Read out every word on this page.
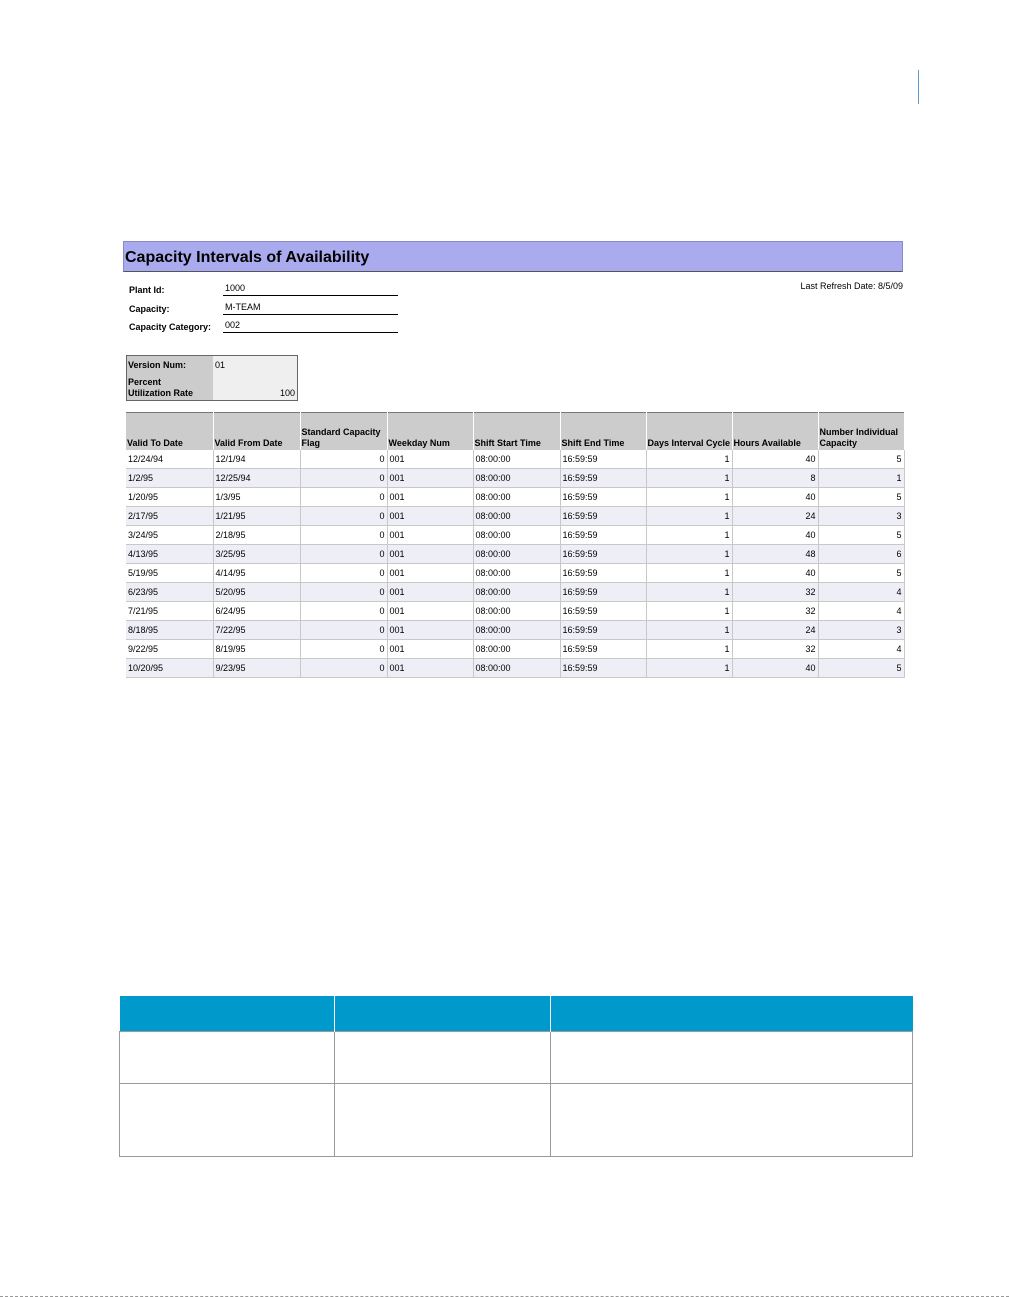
Capacity Intervals of Availability
Plant Id:	1000
Capacity:	M-TEAM
Capacity Category: 002
Last Refresh Date: 8/5/09
Version Num:	01
Percent
Utilization Rate	100
Valid To Date	Valid From Date	Standard Capacity Flag	Weekday Num	Shift Start Time	Shift End Time	Days Interval Cycle	Hours Available	Number Individual Capacity
12/24/94	12/1/94	0	001	08:00:00	16:59:59	1	40	5
1/2/95	12/25/94	0	001	08:00:00	16:59:59	1	8	1
1/20/95	1/3/95	0	001	08:00:00	16:59:59	1	40	5
2/17/95	1/21/95	0	001	08:00:00	16:59:59	1	24	3
3/24/95	2/18/95	0	001	08:00:00	16:59:59	1	40	5
4/13/95	3/25/95	0	001	08:00:00	16:59:59	1	48	6
5/19/95	4/14/95	0	001	08:00:00	16:59:59	1	40	5
6/23/95	5/20/95	0	001	08:00:00	16:59:59	1	32	4
7/21/95	6/24/95	0	001	08:00:00	16:59:59	1	32	4
8/18/95	7/22/95	0	001	08:00:00	16:59:59	1	24	3
9/22/95	8/19/95	0	001	08:00:00	16:59:59	1	32	4
10/20/95	9/23/95	0	001	08:00:00	16:59:59	1	40	5
